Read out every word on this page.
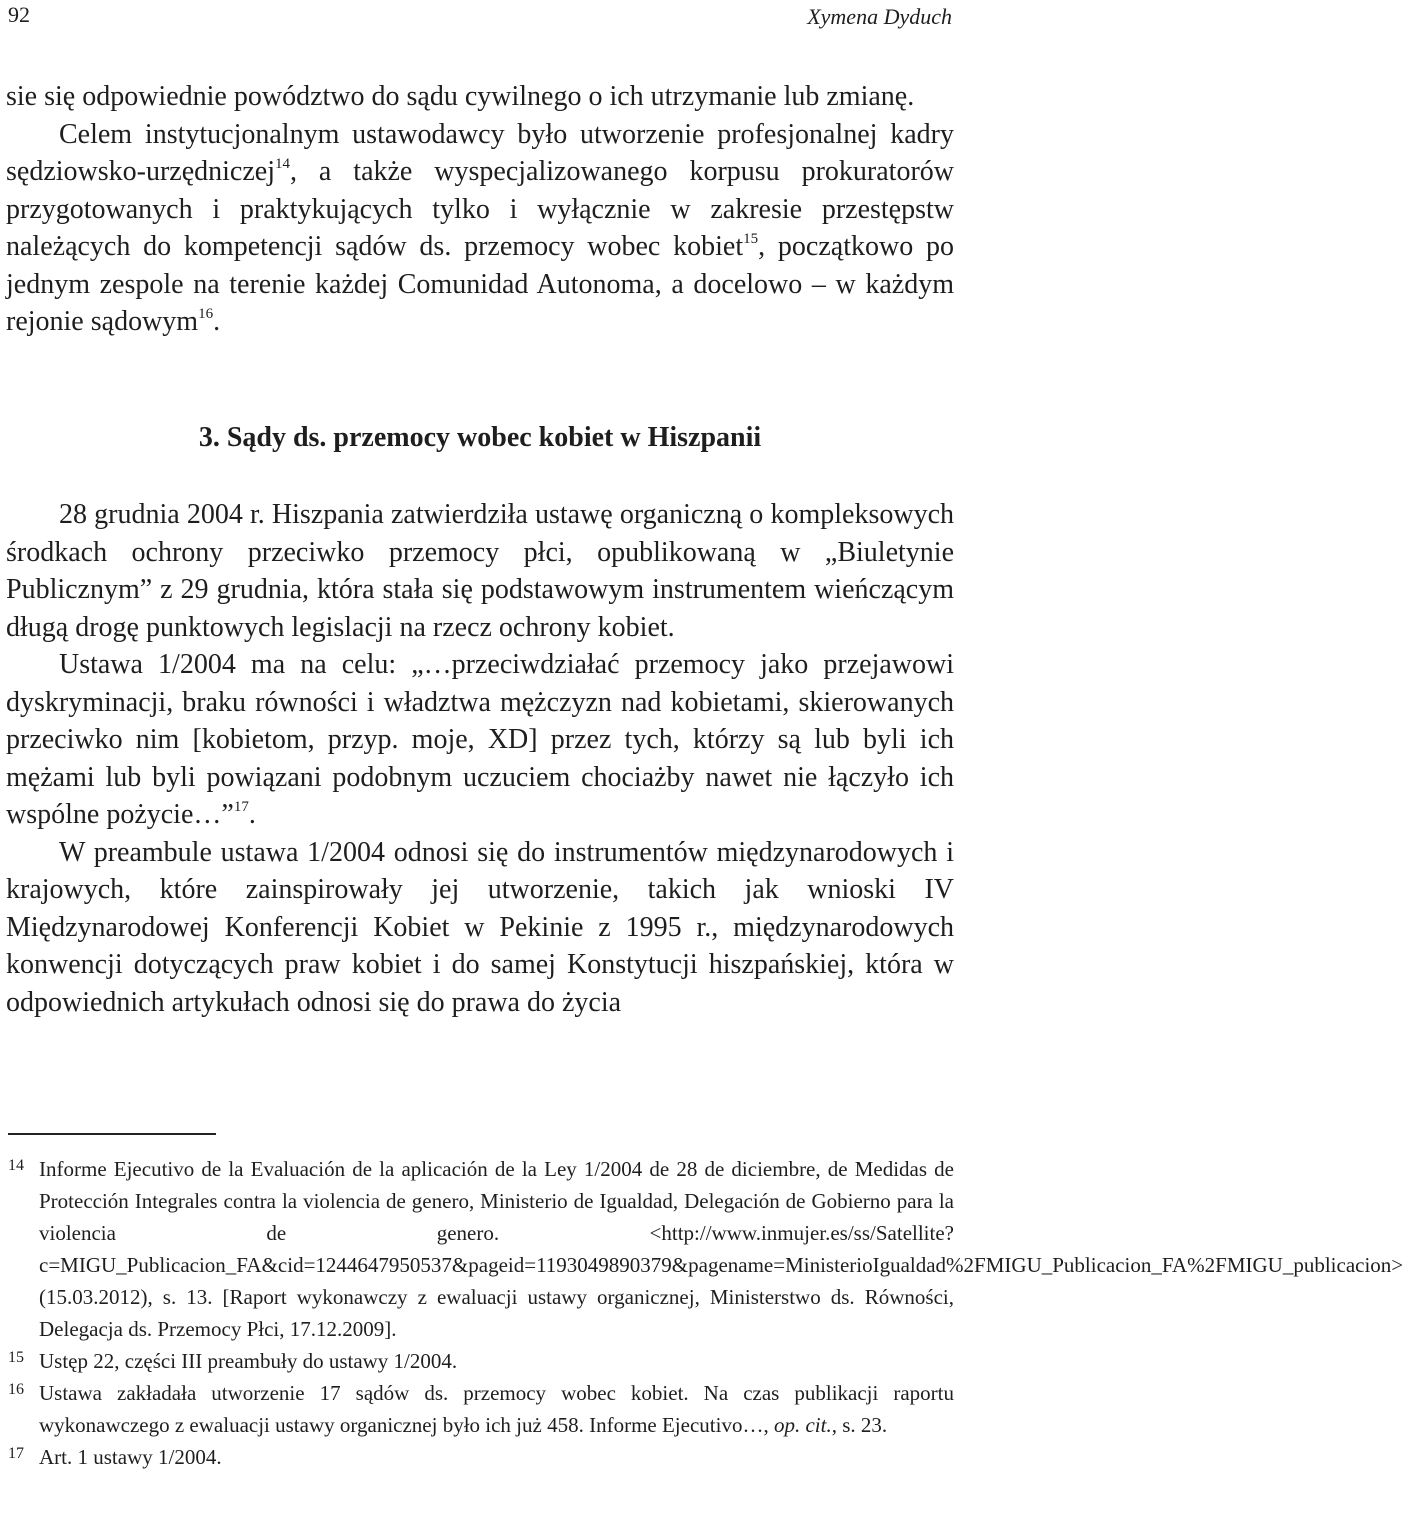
92	Xymena Dyduch

sie się odpowiednie powództwo do sądu cywilnego o ich utrzymanie lub zmianę.

Celem instytucjonalnym ustawodawcy było utworzenie profesjonalnej kadry sędziowsko-urzędniczej$^{14}$, a także wyspecjalizowanego korpusu prokuratorów przygotowanych i praktykujących tylko i wyłącznie w zakresie przestępstw należących do kompetencji sądów ds. przemocy wobec kobiet$^{15}$, początkowo po jednym zespole na terenie każdej Comunidad Autonoma, a docelowo – w każdym rejonie sądowym$^{16}$.

3. Sądy ds. przemocy wobec kobiet w Hiszpanii

28 grudnia 2004 r. Hiszpania zatwierdziła ustawę organiczną o kompleksowych środkach ochrony przeciwko przemocy płci, opublikowaną w „Biuletynie Publicznym” z 29 grudnia, która stała się podstawowym instrumentem wieńczącym długą drogę punktowych legislacji na rzecz ochrony kobiet.

Ustawa 1/2004 ma na celu: „…przeciwdziałać przemocy jako przejawowi dyskryminacji, braku równości i władztwa mężczyzn nad kobietami, skierowanych przeciwko nim [kobietom, przyp. moje, XD] przez tych, którzy są lub byli ich mężami lub byli powiązani podobnym uczuciem chociażby nawet nie łączyło ich wspólne pożycie…”$^{17}$.

W preambule ustawa 1/2004 odnosi się do instrumentów międzynarodowych i krajowych, które zainspirowały jej utworzenie, takich jak wnioski IV Międzynarodowej Konferencji Kobiet w Pekinie z 1995 r., międzynarodowych konwencji dotyczących praw kobiet i do samej Konstytucji hiszpańskiej, która w odpowiednich artykułach odnosi się do prawa do życia

14 Informe Ejecutivo de la Evaluación de la aplicación de la Ley 1/2004 de 28 de diciembre, de Medidas de Protección Integrales contra la violencia de genero, Ministerio de Igualdad, Delegación de Gobierno para la violencia de genero. <http://www.inmujer.es/ss/Satellite?c=MIGU_Publicacion_FA&cid=1244647950537&pageid=1193049890379&pagename=MinisterioIgualdad%2FMIGU_Publicacion_FA%2FMIGU_publicacion> (15.03.2012), s. 13. [Raport wykonawczy z ewaluacji ustawy organicznej, Ministerstwo ds. Równości, Delegacja ds. Przemocy Płci, 17.12.2009].
15 Ustęp 22, części III preambuły do ustawy 1/2004.
16 Ustawa zakładała utworzenie 17 sądów ds. przemocy wobec kobiet. Na czas publikacji raportu wykonawczego z ewaluacji ustawy organicznej było ich już 458. Informe Ejecutivo…, op. cit., s. 23.
17 Art. 1 ustawy 1/2004.
